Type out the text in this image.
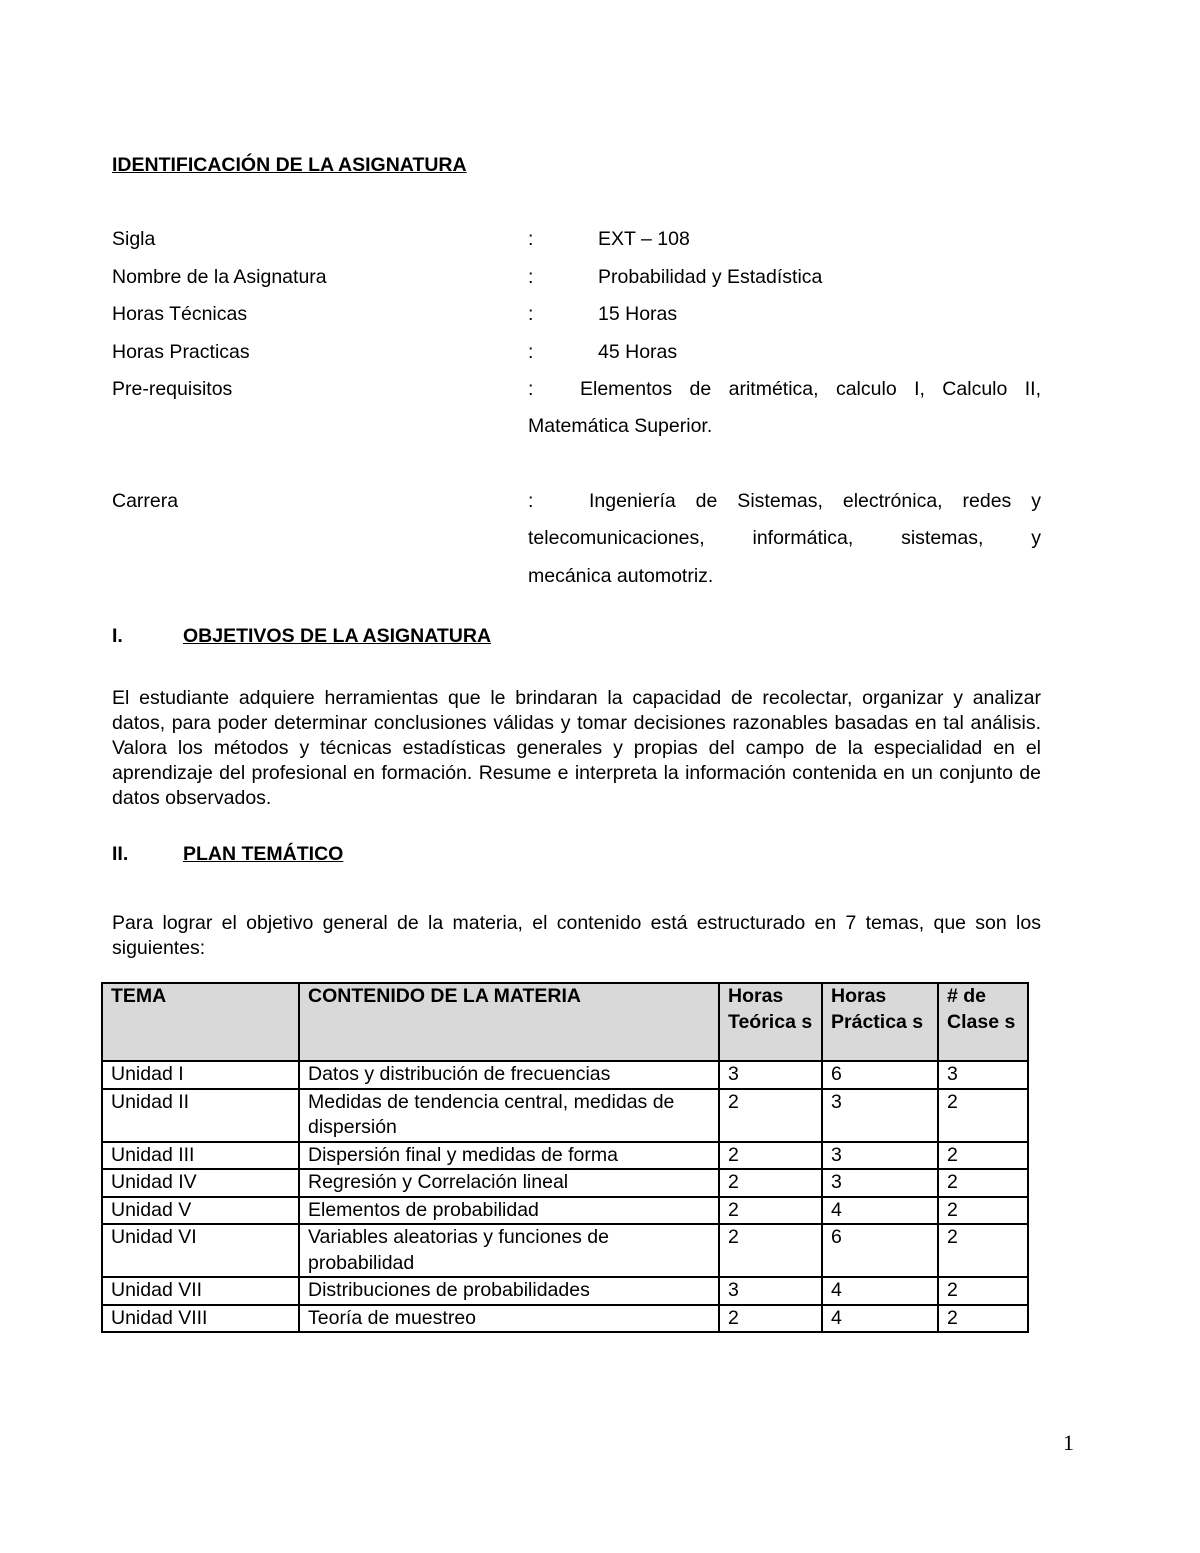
IDENTIFICACIÓN DE LA ASIGNATURA
Sigla	:	EXT – 108
Nombre de la Asignatura	:	Probabilidad y Estadística
Horas Técnicas	:	15 Horas
Horas Practicas	:	45 Horas
Pre-requisitos	: Elementos de aritmética, calculo I, Calculo II,
Matemática Superior.
Carrera	:	Ingeniería de Sistemas, electrónica, redes y
telecomunicaciones, informática, sistemas, y
mecánica automotriz.
I.	OBJETIVOS DE LA ASIGNATURA
El estudiante adquiere herramientas que le brindaran la capacidad de recolectar, organizar y analizar datos, para poder determinar conclusiones válidas y tomar decisiones razonables basadas en tal análisis. Valora los métodos y técnicas estadísticas generales y propias del campo de la especialidad en el aprendizaje del profesional en formación. Resume e interpreta la información contenida en un conjunto de datos observados.
II.	PLAN TEMÁTICO
Para lograr el objetivo general de la materia, el contenido está estructurado en 7 temas, que son los siguientes:
TEMA	CONTENIDO DE LA MATERIA	Horas Teórica s	Horas Práctica s	# de Clase s
Unidad I	Datos y distribución de frecuencias	3	6	3
Unidad II	Medidas de tendencia central, medidas de dispersión	2	3	2
Unidad III	Dispersión final y medidas de forma	2	3	2
Unidad IV	Regresión y Correlación lineal	2	3	2
Unidad V	Elementos de probabilidad	2	4	2
Unidad VI	Variables aleatorias y funciones de probabilidad	2	6	2
Unidad VII	Distribuciones de probabilidades	3	4	2
Unidad VIII	Teoría de muestreo	2	4	2
1
